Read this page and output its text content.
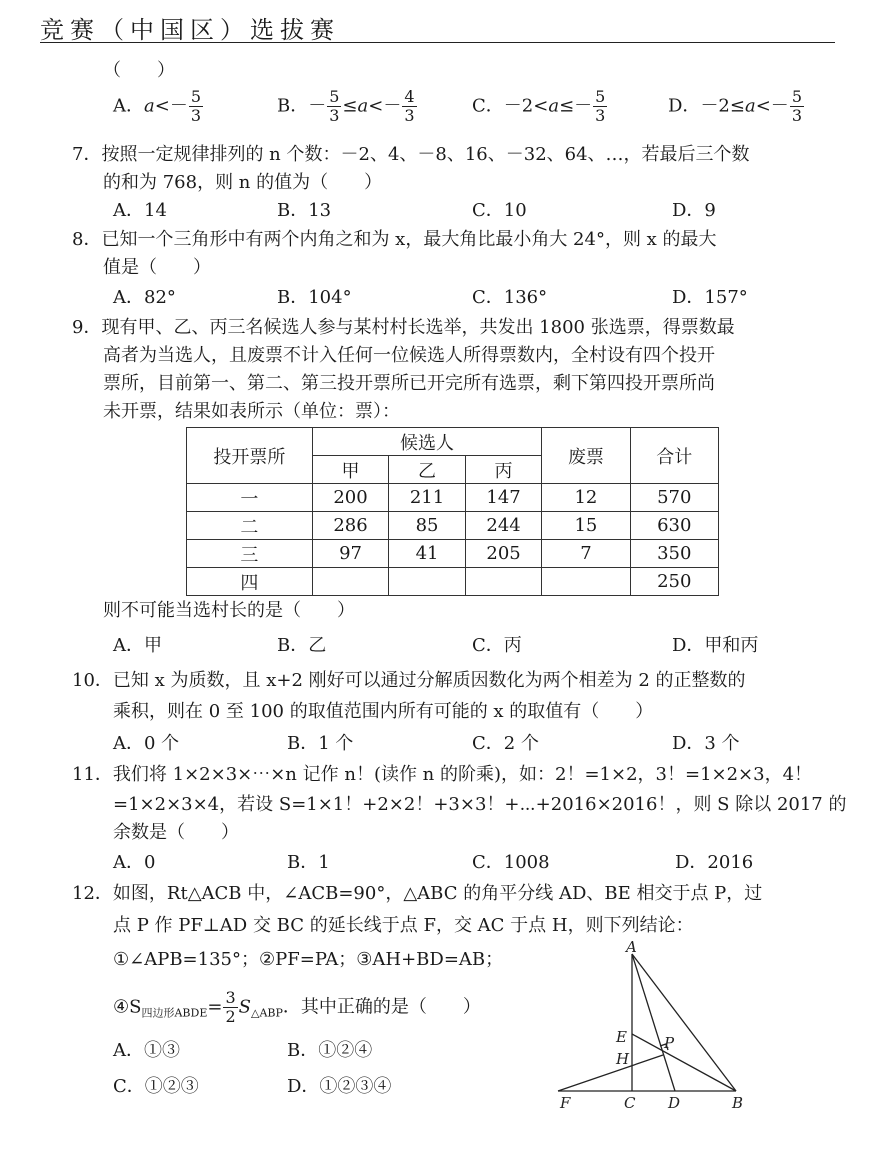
竞赛（中国区）选拔赛
（　　）
A．$a<- \frac{5}{3}$	B．－ $\frac{5}{3} \le a<- \frac{4}{3}$	C．$-2<a\le- \frac{5}{3}$	D．$-2\le a<- \frac{5}{3}$
7．按照一定规律排列的 n 个数：－2、4、－8、16、－32、64、…，若最后三个数
的和为 768，则 n 的值为（　　）
A．14	B．13	C．10	D．9
8．已知一个三角形中有两个内角之和为 x，最大角比最小角大 24°，则 x 的最大
值是（　　）
A．82°	B．104°	C．136°	D．157°
9．现有甲、乙、丙三名候选人参与某村村长选举，共发出 1800 张选票，得票数最
高者为当选人，且废票不计入任何一位候选人所得票数内，全村设有四个投开
票所，目前第一、第二、第三投开票所已开完所有选票，剩下第四投开票所尚
未开票，结果如表所示（单位：票）：
投开票所	候选人			废票	合计
	甲	乙	丙		
一	200	211	147	12	570
二	286	85	244	15	630
三	97	41	205	7	350
四					250
则不可能当选村长的是（　　）
A．甲	B．乙	C．丙	D．甲和丙
10．已知 x 为质数，且 x+2 刚好可以通过分解质因数化为两个相差为 2 的正整数的
乘积，则在 0 至 100 的取值范围内所有可能的 x 的取值有（　　）
A．0 个	B．1 个	C．2 个	D．3 个
11．我们将 1×2×3×⋯×n 记作 n！(读作 n 的阶乘)，如：2！=1×2，3！=1×2×3，4！
=1×2×3×4，若设 S=1×1！+2×2！+3×3！+⋯+2016×2016！，则 S 除以 2017 的
余数是（　　）
A．0	B．1	C．1008	D．2016
12．如图，Rt△ACB 中，∠ACB=90°，△ABC 的角平分线 AD、BE 相交于点 P，过
点 P 作 PF⊥AD 交 BC 的延长线于点 F，交 AC 于点 H，则下列结论：
①∠APB=135°；②PF=PA；③AH+BD=AB；
$④S_{四边形ABDE}= \frac{3}{2} S_{\triangle ABP}$．其中正确的是（　　）
A．①③	B．①②④
C．①②③	D．①②③④
A
E
H
P
F	C D	B
